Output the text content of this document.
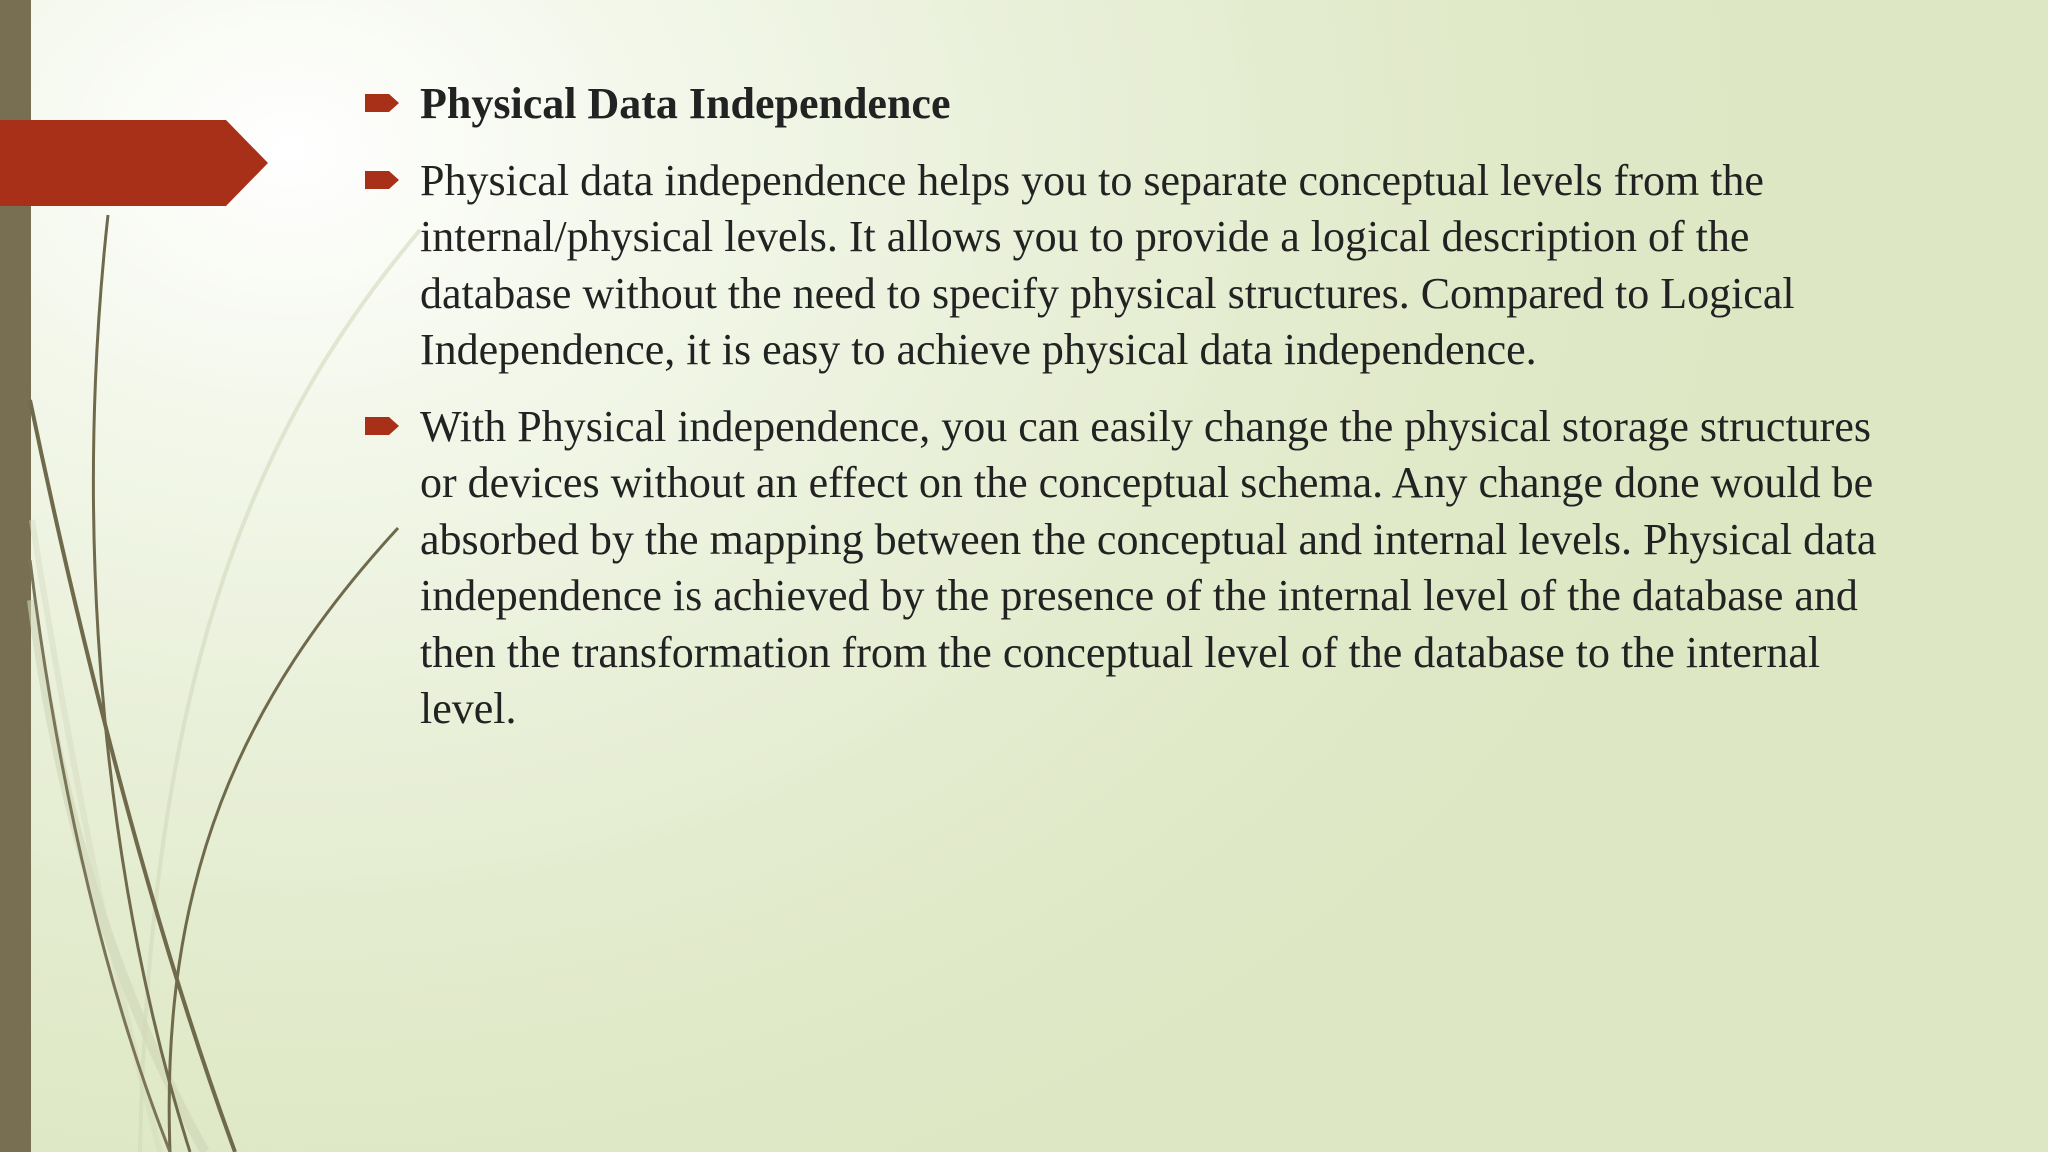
Physical Data Independence
Physical data independence helps you to separate conceptual levels from the internal/physical levels. It allows you to provide a logical description of the database without the need to specify physical structures. Compared to Logical Independence, it is easy to achieve physical data independence.
With Physical independence, you can easily change the physical storage structures or devices without an effect on the conceptual schema. Any change done would be absorbed by the mapping between the conceptual and internal levels. Physical data independence is achieved by the presence of the internal level of the database and then the transformation from the conceptual level of the database to the internal level.
